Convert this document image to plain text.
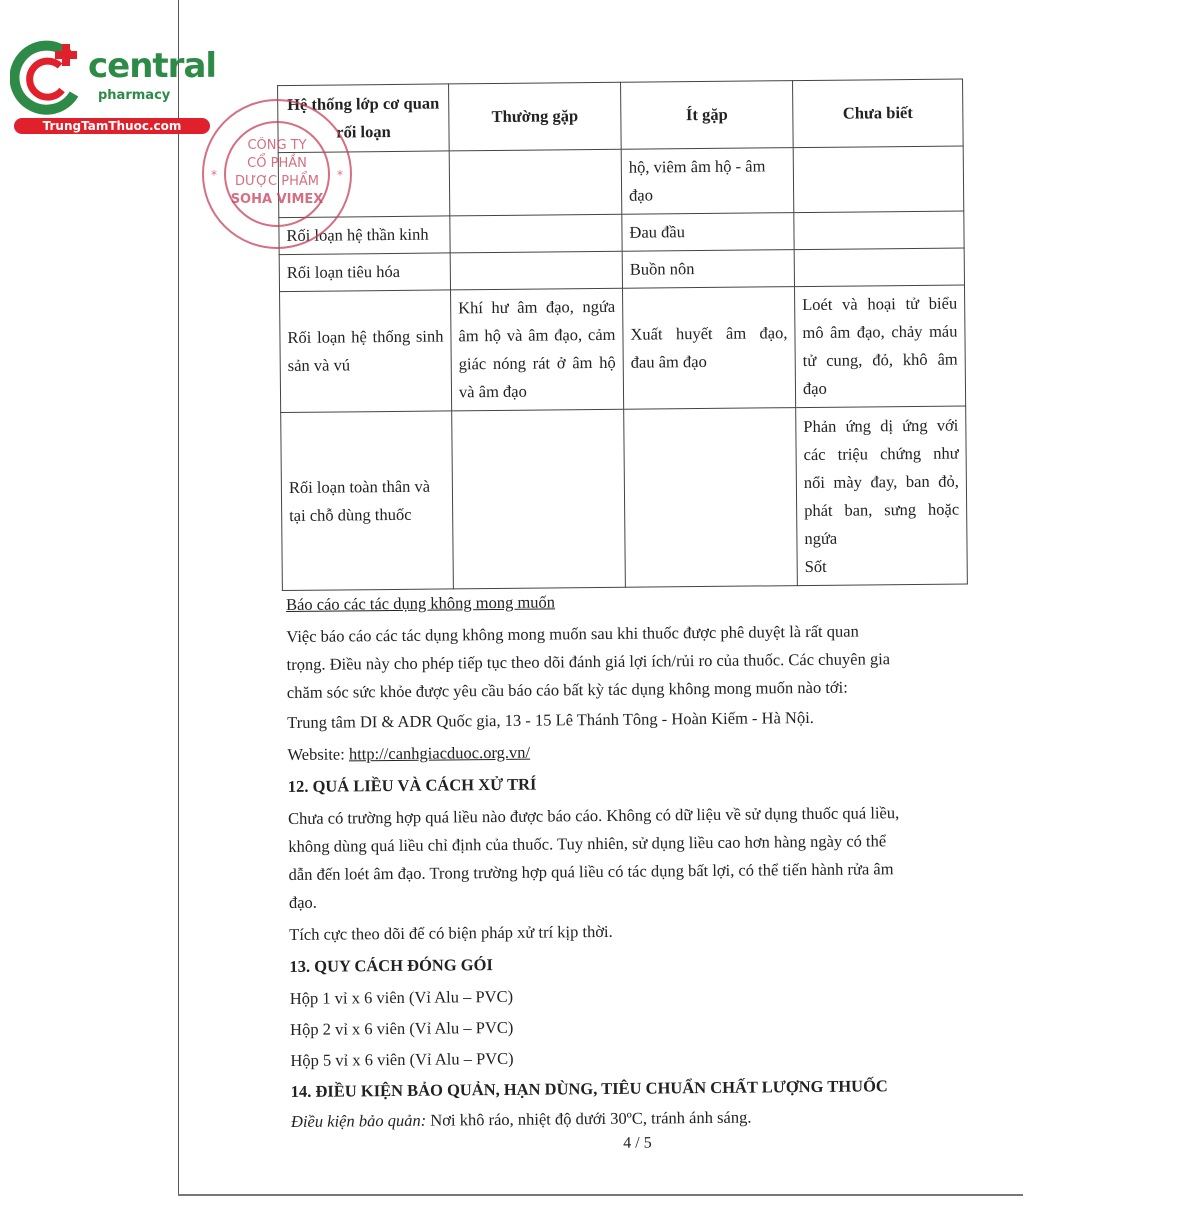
central
pharmacy
TrungTamThuoc.com
Hệ thống lớp cơ quan rối loạn	Thường gặp	Ít gặp	Chưa biết
		hộ, viêm âm hộ - âm đạo	
Rối loạn hệ thần kinh		Đau đầu	
Rối loạn tiêu hóa		Buồn nôn	
Rối loạn hệ thống sinh sản và vú	Khí hư âm đạo, ngứa âm hộ và âm đạo, cảm giác nóng rát ở âm hộ và âm đạo	Xuất huyết âm đạo, đau âm đạo	Loét và hoại tử biểu mô âm đạo, chảy máu tử cung, đỏ, khô âm đạo
Rối loạn toàn thân và tại chỗ dùng thuốc			Phản ứng dị ứng với các triệu chứng như nổi mày đay, ban đỏ, phát ban, sưng hoặc ngứa
Sốt
Báo cáo các tác dụng không mong muốn
Việc báo cáo các tác dụng không mong muốn sau khi thuốc được phê duyệt là rất quan
trọng. Điều này cho phép tiếp tục theo dõi đánh giá lợi ích/rủi ro của thuốc. Các chuyên gia
chăm sóc sức khỏe được yêu cầu báo cáo bất kỳ tác dụng không mong muốn nào tới:
Trung tâm DI & ADR Quốc gia, 13 - 15 Lê Thánh Tông - Hoàn Kiếm - Hà Nội.
Website: http://canhgiacduoc.org.vn/
12. QUÁ LIỀU VÀ CÁCH XỬ TRÍ
Chưa có trường hợp quá liều nào được báo cáo. Không có dữ liệu về sử dụng thuốc quá liều,
không dùng quá liều chỉ định của thuốc. Tuy nhiên, sử dụng liều cao hơn hàng ngày có thể
dẫn đến loét âm đạo. Trong trường hợp quá liều có tác dụng bất lợi, có thể tiến hành rửa âm
đạo.
Tích cực theo dõi để có biện pháp xử trí kịp thời.
13. QUY CÁCH ĐÓNG GÓI
Hộp 1 vỉ x 6 viên (Vỉ Alu – PVC)
Hộp 2 vỉ x 6 viên (Vỉ Alu – PVC)
Hộp 5 vỉ x 6 viên (Vỉ Alu – PVC)
14. ĐIỀU KIỆN BẢO QUẢN, HẠN DÙNG, TIÊU CHUẨN CHẤT LƯỢNG THUỐC
Điều kiện bảo quản: Nơi khô ráo, nhiệt độ dưới 30ºC, tránh ánh sáng.
4 / 5
CÔNG TY
CỔ PHẦN
DƯỢC PHẨM
SOHA VIMEX
*	*
